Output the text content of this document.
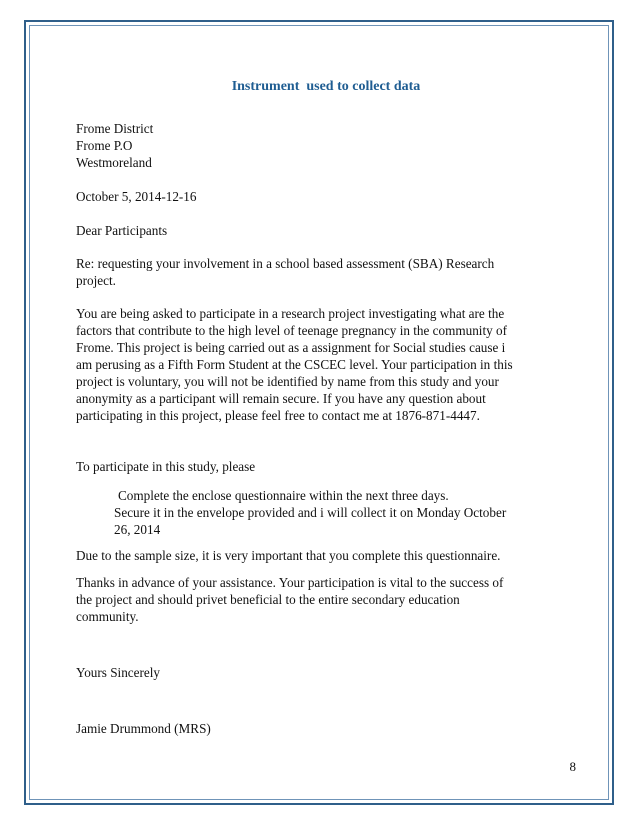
Instrument  used to collect data
Frome District
Frome P.O
Westmoreland
October 5, 2014-12-16
Dear Participants
Re: requesting your involvement in a school based assessment (SBA) Research
project.
You are being asked to participate in a research project investigating what are the
factors that contribute to the high level of teenage pregnancy in the community of
Frome. This project is being carried out as a assignment for Social studies cause i
am perusing as a Fifth Form Student at the CSCEC level. Your participation in this
project is voluntary, you will not be identified by name from this study and your
anonymity as a participant will remain secure. If you have any question about
participating in this project, please feel free to contact me at 1876-871-4447.
To participate in this study, please
Complete the enclose questionnaire within the next three days.
Secure it in the envelope provided and i will collect it on Monday October
26, 2014
Due to the sample size, it is very important that you complete this questionnaire.
Thanks in advance of your assistance. Your participation is vital to the success of
the project and should privet beneficial to the entire secondary education
community.
Yours Sincerely
Jamie Drummond (MRS)
8
